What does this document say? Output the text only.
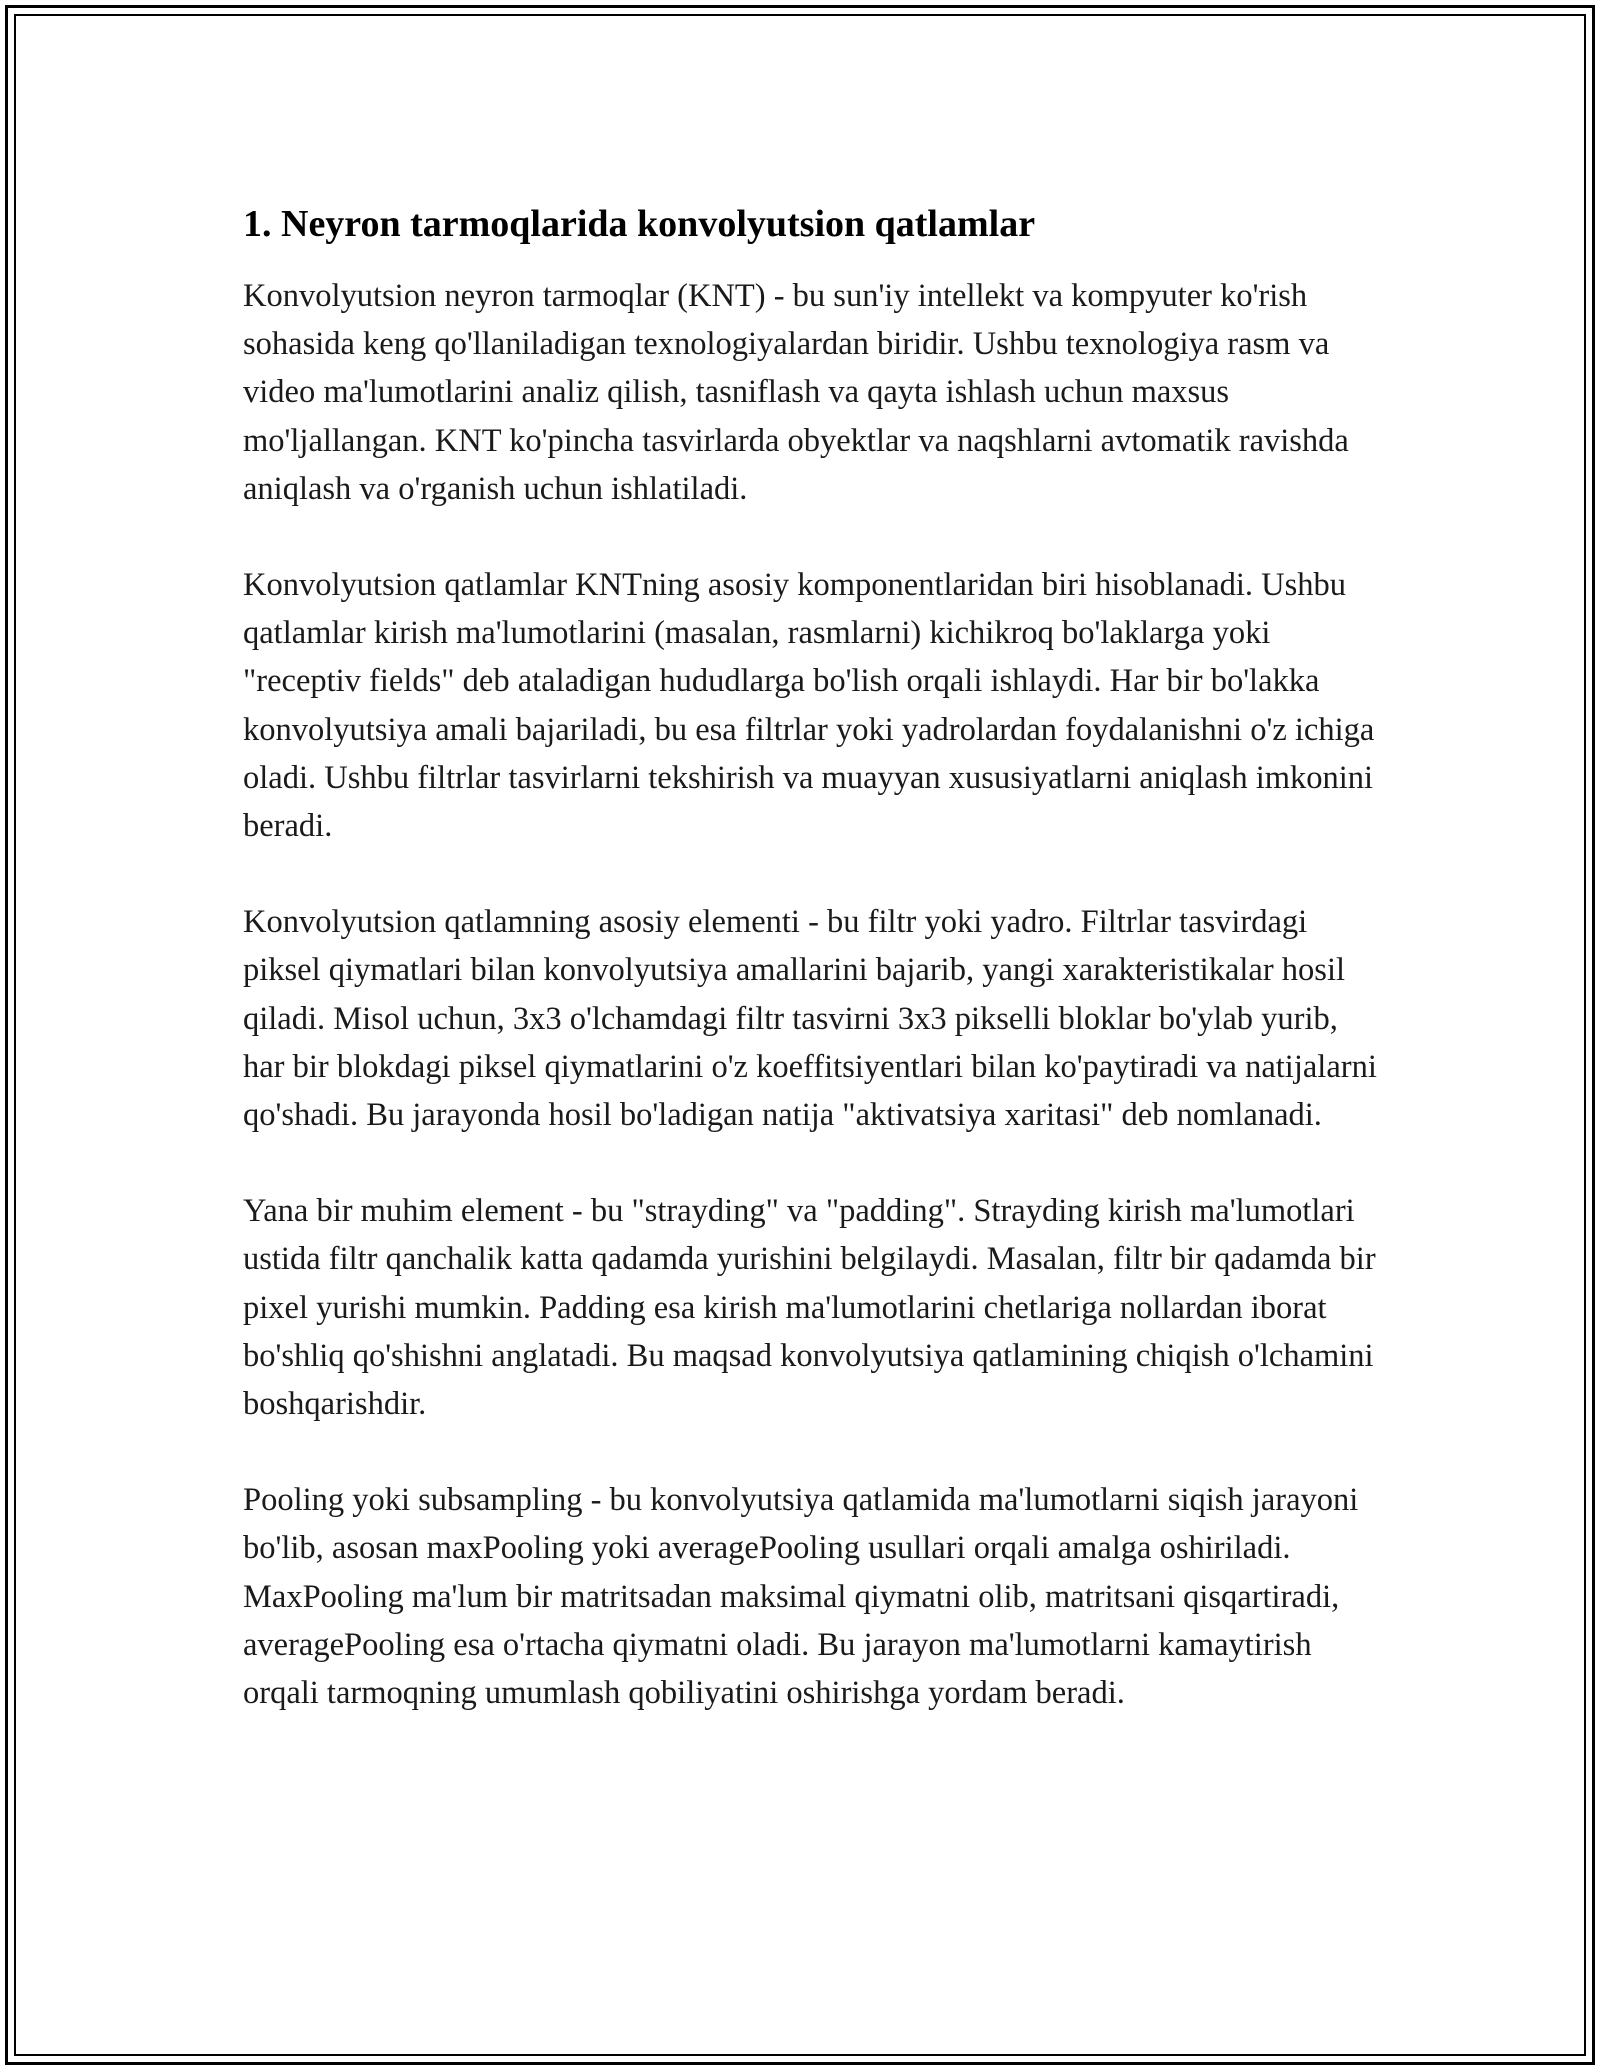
1. Neyron tarmoqlarida konvolyutsion qatlamlar

Konvolyutsion neyron tarmoqlar (KNT) - bu sun'iy intellekt va kompyuter ko'rish sohasida keng qo'llaniladigan texnologiyalardan biridir. Ushbu texnologiya rasm va video ma'lumotlarini analiz qilish, tasniflash va qayta ishlash uchun maxsus mo'ljallangan. KNT ko'pincha tasvirlarda obyektlar va naqshlarni avtomatik ravishda aniqlash va o'rganish uchun ishlatiladi.

Konvolyutsion qatlamlar KNTning asosiy komponentlaridan biri hisoblanadi. Ushbu qatlamlar kirish ma'lumotlarini (masalan, rasmlarni) kichikroq bo'laklarga yoki "receptiv fields" deb ataladigan hududlarga bo'lish orqali ishlaydi. Har bir bo'lakka konvolyutsiya amali bajariladi, bu esa filtrlar yoki yadrolardan foydalanishni o'z ichiga oladi. Ushbu filtrlar tasvirlarni tekshirish va muayyan xususiyatlarni aniqlash imkonini beradi.

Konvolyutsion qatlamning asosiy elementi - bu filtr yoki yadro. Filtrlar tasvirdagi piksel qiymatlari bilan konvolyutsiya amallarini bajarib, yangi xarakteristikalar hosil qiladi. Misol uchun, 3x3 o'lchamdagi filtr tasvirni 3x3 pikselli bloklar bo'ylab yurib, har bir blokdagi piksel qiymatlarini o'z koeffitsiyentlari bilan ko'paytiradi va natijalarni qo'shadi. Bu jarayonda hosil bo'ladigan natija "aktivatsiya xaritasi" deb nomlanadi.

Yana bir muhim element - bu "strayding" va "padding". Strayding kirish ma'lumotlari ustida filtr qanchalik katta qadamda yurishini belgilaydi. Masalan, filtr bir qadamda bir pixel yurishi mumkin. Padding esa kirish ma'lumotlarini chetlariga nollardan iborat bo'shliq qo'shishni anglatadi. Bu maqsad konvolyutsiya qatlamining chiqish o'lchamini boshqarishdir.

Pooling yoki subsampling - bu konvolyutsiya qatlamida ma'lumotlarni siqish jarayoni bo'lib, asosan maxPooling yoki averagePooling usullari orqali amalga oshiriladi. MaxPooling ma'lum bir matritsadan maksimal qiymatni olib, matritsani qisqartiradi, averagePooling esa o'rtacha qiymatni oladi. Bu jarayon ma'lumotlarni kamaytirish orqali tarmoqning umumlash qobiliyatini oshirishga yordam beradi.
